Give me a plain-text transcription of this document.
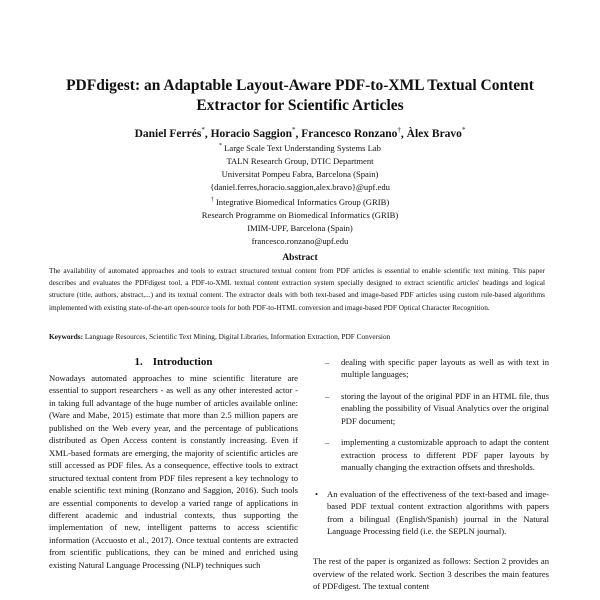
PDFdigest: an Adaptable Layout-Aware PDF-to-XML Textual Content
Extractor for Scientific Articles
Daniel Ferrés*, Horacio Saggion*, Francesco Ronzano†, Àlex Bravo*
* Large Scale Text Understanding Systems Lab
TALN Research Group, DTIC Department
Universitat Pompeu Fabra, Barcelona (Spain)
{daniel.ferres,horacio.saggion,alex.bravo}@upf.edu
† Integrative Biomedical Informatics Group (GRIB)
Research Programme on Biomedical Informatics (GRIB)
IMIM-UPF, Barcelona (Spain)
francesco.ronzano@upf.edu
Abstract
The availability of automated approaches and tools to extract structured textual content from PDF articles is essential to enable scientific text mining. This paper describes and evaluates the PDFdigest tool, a PDF-to-XML textual content extraction system specially designed to extract scientific articles' headings and logical structure (title, authors, abstract,...) and its textual content. The extractor deals with both text-based and image-based PDF articles using custom rule-based algorithms implemented with existing state-of-the-art open-source tools for both PDF-to-HTML conversion and image-based PDF Optical Character Recognition.
Keywords: Language Resources, Scientific Text Mining, Digital Libraries, Information Extraction, PDF Conversion
1. Introduction

Nowadays automated approaches to mine scientific literature are essential to support researchers - as well as any other interested actor - in taking full advantage of the huge number of articles available online: (Ware and Mabe, 2015) estimate that more than 2.5 million papers are published on the Web every year, and the percentage of publications distributed as Open Access content is constantly increasing. Even if XML-based formats are emerging, the majority of scientific articles are still accessed as PDF files. As a consequence, effective tools to extract structured textual content from PDF files represent a key technology to enable scientific text mining (Ronzano and Saggion, 2016). Such tools are essential components to develop a varied range of applications in different academic and industrial contexts, thus supporting the implementation of new, intelligent patterns to access scientific information (Accuosto et al., 2017). Once textual contents are extracted from scientific publications, they can be mined and enriched using existing Natural Language Processing (NLP) techniques such

– dealing with specific paper layouts as well as with text in multiple languages;
– storing the layout of the original PDF in an HTML file, thus enabling the possibility of Visual Analytics over the original PDF document;
– implementing a customizable approach to adapt the content extraction process to different PDF paper layouts by manually changing the extraction offsets and thresholds.
• An evaluation of the effectiveness of the text-based and image-based PDF textual content extraction algorithms with papers from a bilingual (English/Spanish) journal in the Natural Language Processing field (i.e. the SEPLN journal).

The rest of the paper is organized as follows: Section 2 provides an overview of the related work. Section 3 describes the main features of PDFdigest. The textual content
